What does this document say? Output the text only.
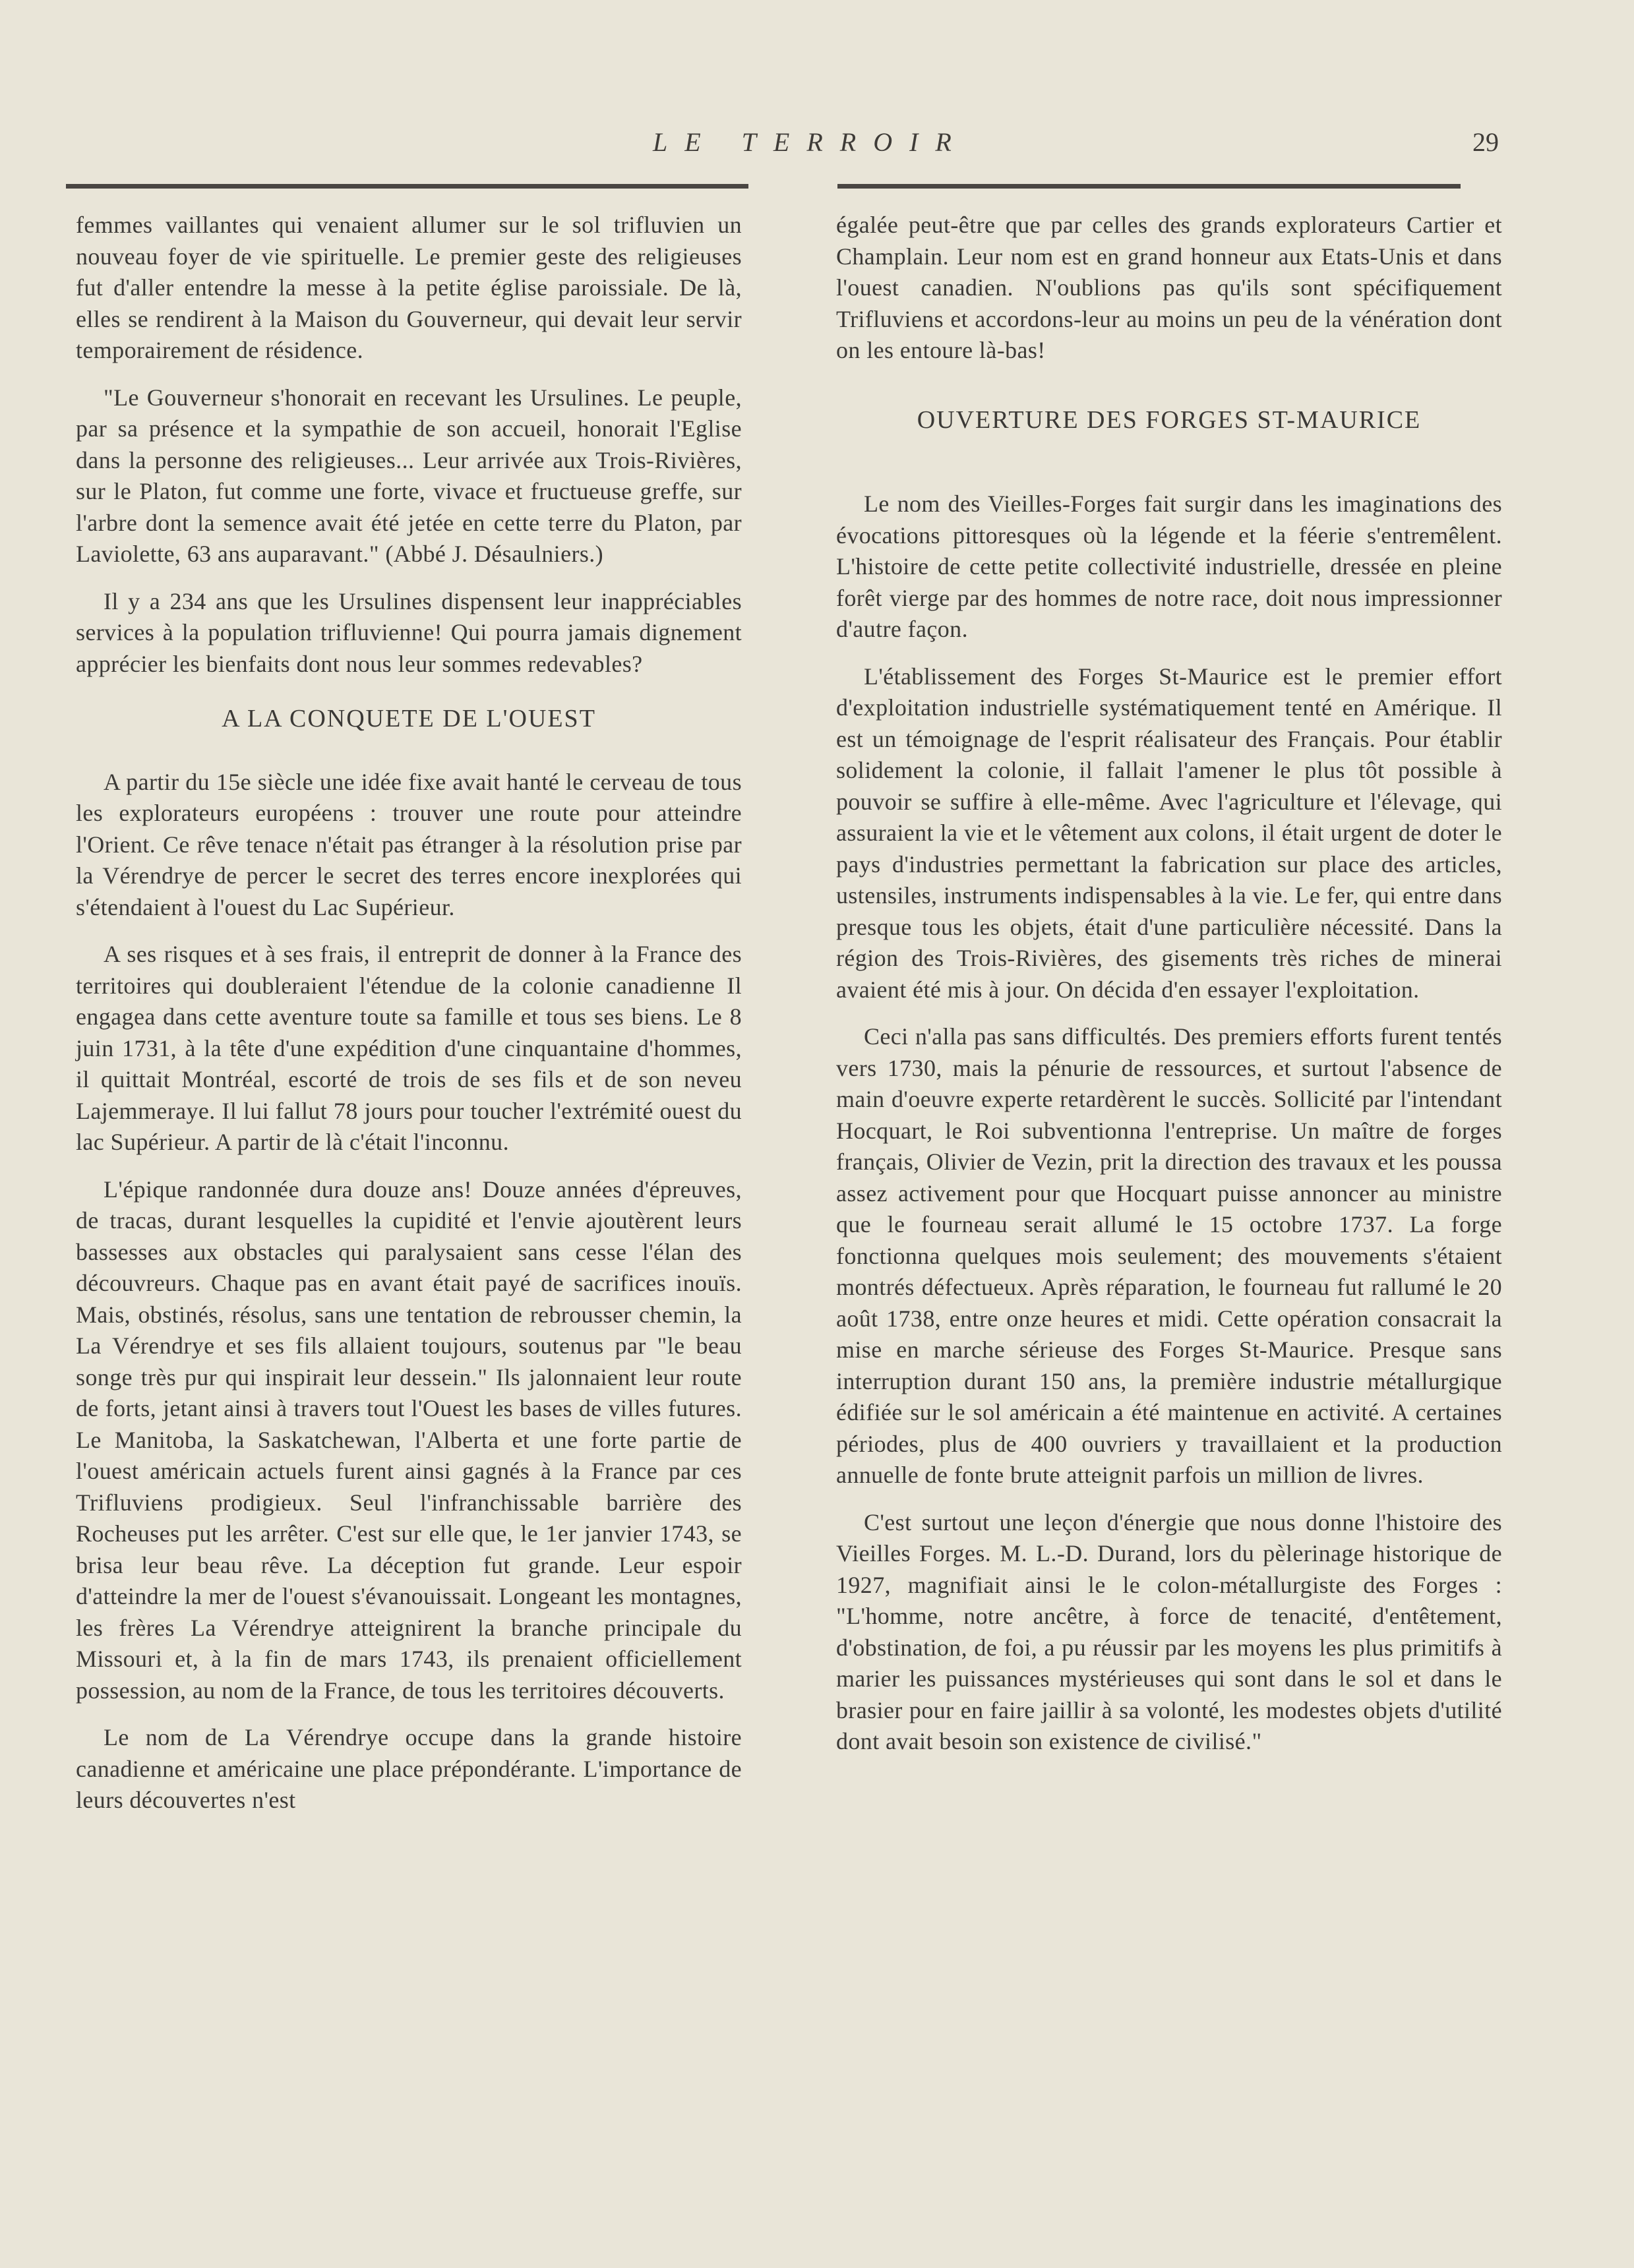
LE TERROIR	29

femmes vaillantes qui venaient allumer sur le sol trifluvien un nouveau foyer de vie spirituelle. Le premier geste des religieuses fut d'aller entendre la messe à la petite église paroissiale. De là, elles se rendirent à la Maison du Gouverneur, qui devait leur servir temporairement de résidence.

"Le Gouverneur s'honorait en recevant les Ursulines. Le peuple, par sa présence et la sympathie de son accueil, honorait l'Eglise dans la personne des religieuses... Leur arrivée aux Trois-Rivières, sur le Platon, fut comme une forte, vivace et fructueuse greffe, sur l'arbre dont la semence avait été jetée en cette terre du Platon, par Laviolette, 63 ans auparavant." (Abbé J. Désaulniers.)

Il y a 234 ans que les Ursulines dispensent leur inappréciables services à la population trifluvienne! Qui pourra jamais dignement apprécier les bienfaits dont nous leur sommes redevables?

A LA CONQUETE DE L'OUEST

A partir du 15e siècle une idée fixe avait hanté le cerveau de tous les explorateurs européens : trouver une route pour atteindre l'Orient. Ce rêve tenace n'était pas étranger à la résolution prise par la Vérendrye de percer le secret des terres encore inexplorées qui s'étendaient à l'ouest du Lac Supérieur.

A ses risques et à ses frais, il entreprit de donner à la France des territoires qui doubleraient l'étendue de la colonie canadienne Il engagea dans cette aventure toute sa famille et tous ses biens. Le 8 juin 1731, à la tête d'une expédition d'une cinquantaine d'hommes, il quittait Montréal, escorté de trois de ses fils et de son neveu Lajemmeraye. Il lui fallut 78 jours pour toucher l'extrémité ouest du lac Supérieur. A partir de là c'était l'inconnu.

L'épique randonnée dura douze ans! Douze années d'épreuves, de tracas, durant lesquelles la cupidité et l'envie ajoutèrent leurs bassesses aux obstacles qui paralysaient sans cesse l'élan des découvreurs. Chaque pas en avant était payé de sacrifices inouïs. Mais, obstinés, résolus, sans une tentation de rebrousser chemin, la La Vérendrye et ses fils allaient toujours, soutenus par "le beau songe très pur qui inspirait leur dessein." Ils jalonnaient leur route de forts, jetant ainsi à travers tout l'Ouest les bases de villes futures. Le Manitoba, la Saskatchewan, l'Alberta et une forte partie de l'ouest américain actuels furent ainsi gagnés à la France par ces Trifluviens prodigieux. Seul l'infranchissable barrière des Rocheuses put les arrêter. C'est sur elle que, le 1er janvier 1743, se brisa leur beau rêve. La déception fut grande. Leur espoir d'atteindre la mer de l'ouest s'évanouissait. Longeant les montagnes, les frères La Vérendrye atteignirent la branche principale du Missouri et, à la fin de mars 1743, ils prenaient officiellement possession, au nom de la France, de tous les territoires découverts.

Le nom de La Vérendrye occupe dans la grande histoire canadienne et américaine une place prépondérante. L'importance de leurs découvertes n'est

égalée peut-être que par celles des grands explorateurs Cartier et Champlain. Leur nom est en grand honneur aux Etats-Unis et dans l'ouest canadien. N'oublions pas qu'ils sont spécifiquement Trifluviens et accordons-leur au moins un peu de la vénération dont on les entoure là-bas!

OUVERTURE DES FORGES ST-MAURICE

Le nom des Vieilles-Forges fait surgir dans les imaginations des évocations pittoresques où la légende et la féerie s'entremêlent. L'histoire de cette petite collectivité industrielle, dressée en pleine forêt vierge par des hommes de notre race, doit nous impressionner d'autre façon.

L'établissement des Forges St-Maurice est le premier effort d'exploitation industrielle systématiquement tenté en Amérique. Il est un témoignage de l'esprit réalisateur des Français. Pour établir solidement la colonie, il fallait l'amener le plus tôt possible à pouvoir se suffire à elle-même. Avec l'agriculture et l'élevage, qui assuraient la vie et le vêtement aux colons, il était urgent de doter le pays d'industries permettant la fabrication sur place des articles, ustensiles, instruments indispensables à la vie. Le fer, qui entre dans presque tous les objets, était d'une particulière nécessité. Dans la région des Trois-Rivières, des gisements très riches de minerai avaient été mis à jour. On décida d'en essayer l'exploitation.

Ceci n'alla pas sans difficultés. Des premiers efforts furent tentés vers 1730, mais la pénurie de ressources, et surtout l'absence de main d'oeuvre experte retardèrent le succès. Sollicité par l'intendant Hocquart, le Roi subventionna l'entreprise. Un maître de forges français, Olivier de Vezin, prit la direction des travaux et les poussa assez activement pour que Hocquart puisse annoncer au ministre que le fourneau serait allumé le 15 octobre 1737. La forge fonctionna quelques mois seulement; des mouvements s'étaient montrés défectueux. Après réparation, le fourneau fut rallumé le 20 août 1738, entre onze heures et midi. Cette opération consacrait la mise en marche sérieuse des Forges St-Maurice. Presque sans interruption durant 150 ans, la première industrie métallurgique édifiée sur le sol américain a été maintenue en activité. A certaines périodes, plus de 400 ouvriers y travaillaient et la production annuelle de fonte brute atteignit parfois un million de livres.

C'est surtout une leçon d'énergie que nous donne l'histoire des Vieilles Forges. M. L.-D. Durand, lors du pèlerinage historique de 1927, magnifiait ainsi le le colon-métallurgiste des Forges : "L'homme, notre ancêtre, à force de tenacité, d'entêtement, d'obstination, de foi, a pu réussir par les moyens les plus primitifs à marier les puissances mystérieuses qui sont dans le sol et dans le brasier pour en faire jaillir à sa volonté, les modestes objets d'utilité dont avait besoin son existence de civilisé."
